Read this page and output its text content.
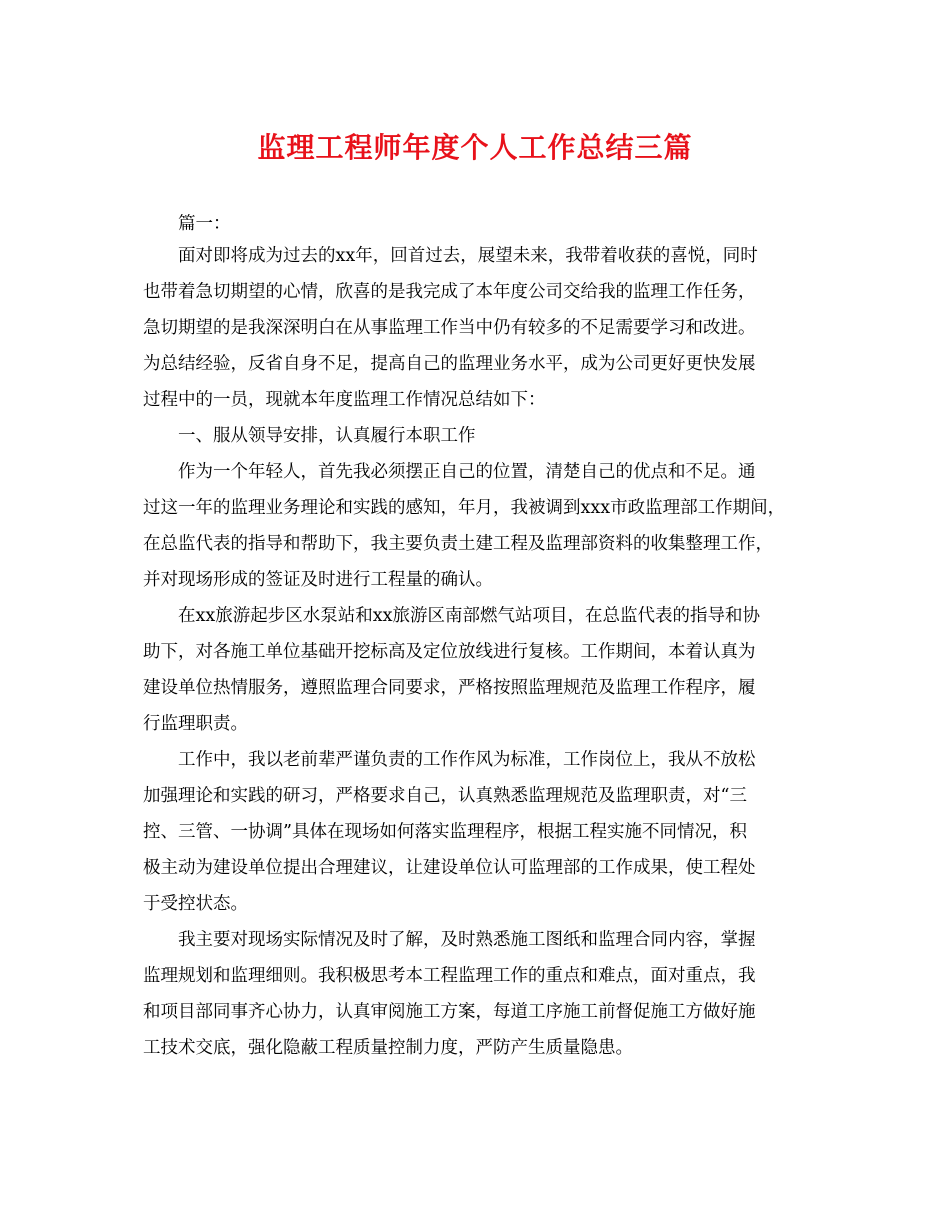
监理工程师年度个人工作总结三篇
篇一：
面对即将成为过去的xx年，回首过去，展望未来，我带着收获的喜悦，同时
也带着急切期望的心情，欣喜的是我完成了本年度公司交给我的监理工作任务，
急切期望的是我深深明白在从事监理工作当中仍有较多的不足需要学习和改进。
为总结经验，反省自身不足，提高自己的监理业务水平，成为公司更好更快发展
过程中的一员，现就本年度监理工作情况总结如下：
一、服从领导安排，认真履行本职工作
作为一个年轻人，首先我必须摆正自己的位置，清楚自己的优点和不足。通
过这一年的监理业务理论和实践的感知，年月，我被调到xxx市政监理部工作期间，
在总监代表的指导和帮助下，我主要负责土建工程及监理部资料的收集整理工作，
并对现场形成的签证及时进行工程量的确认。
在xx旅游起步区水泵站和xx旅游区南部燃气站项目，在总监代表的指导和协
助下，对各施工单位基础开挖标高及定位放线进行复核。工作期间，本着认真为
建设单位热情服务，遵照监理合同要求，严格按照监理规范及监理工作程序，履
行监理职责。
工作中，我以老前辈严谨负责的工作作风为标准，工作岗位上，我从不放松
加强理论和实践的研习，严格要求自己，认真熟悉监理规范及监理职责，对“三
控、三管、一协调”具体在现场如何落实监理程序，根据工程实施不同情况，积
极主动为建设单位提出合理建议，让建设单位认可监理部的工作成果，使工程处
于受控状态。
我主要对现场实际情况及时了解，及时熟悉施工图纸和监理合同内容，掌握
监理规划和监理细则。我积极思考本工程监理工作的重点和难点，面对重点，我
和项目部同事齐心协力，认真审阅施工方案，每道工序施工前督促施工方做好施
工技术交底，强化隐蔽工程质量控制力度，严防产生质量隐患。
